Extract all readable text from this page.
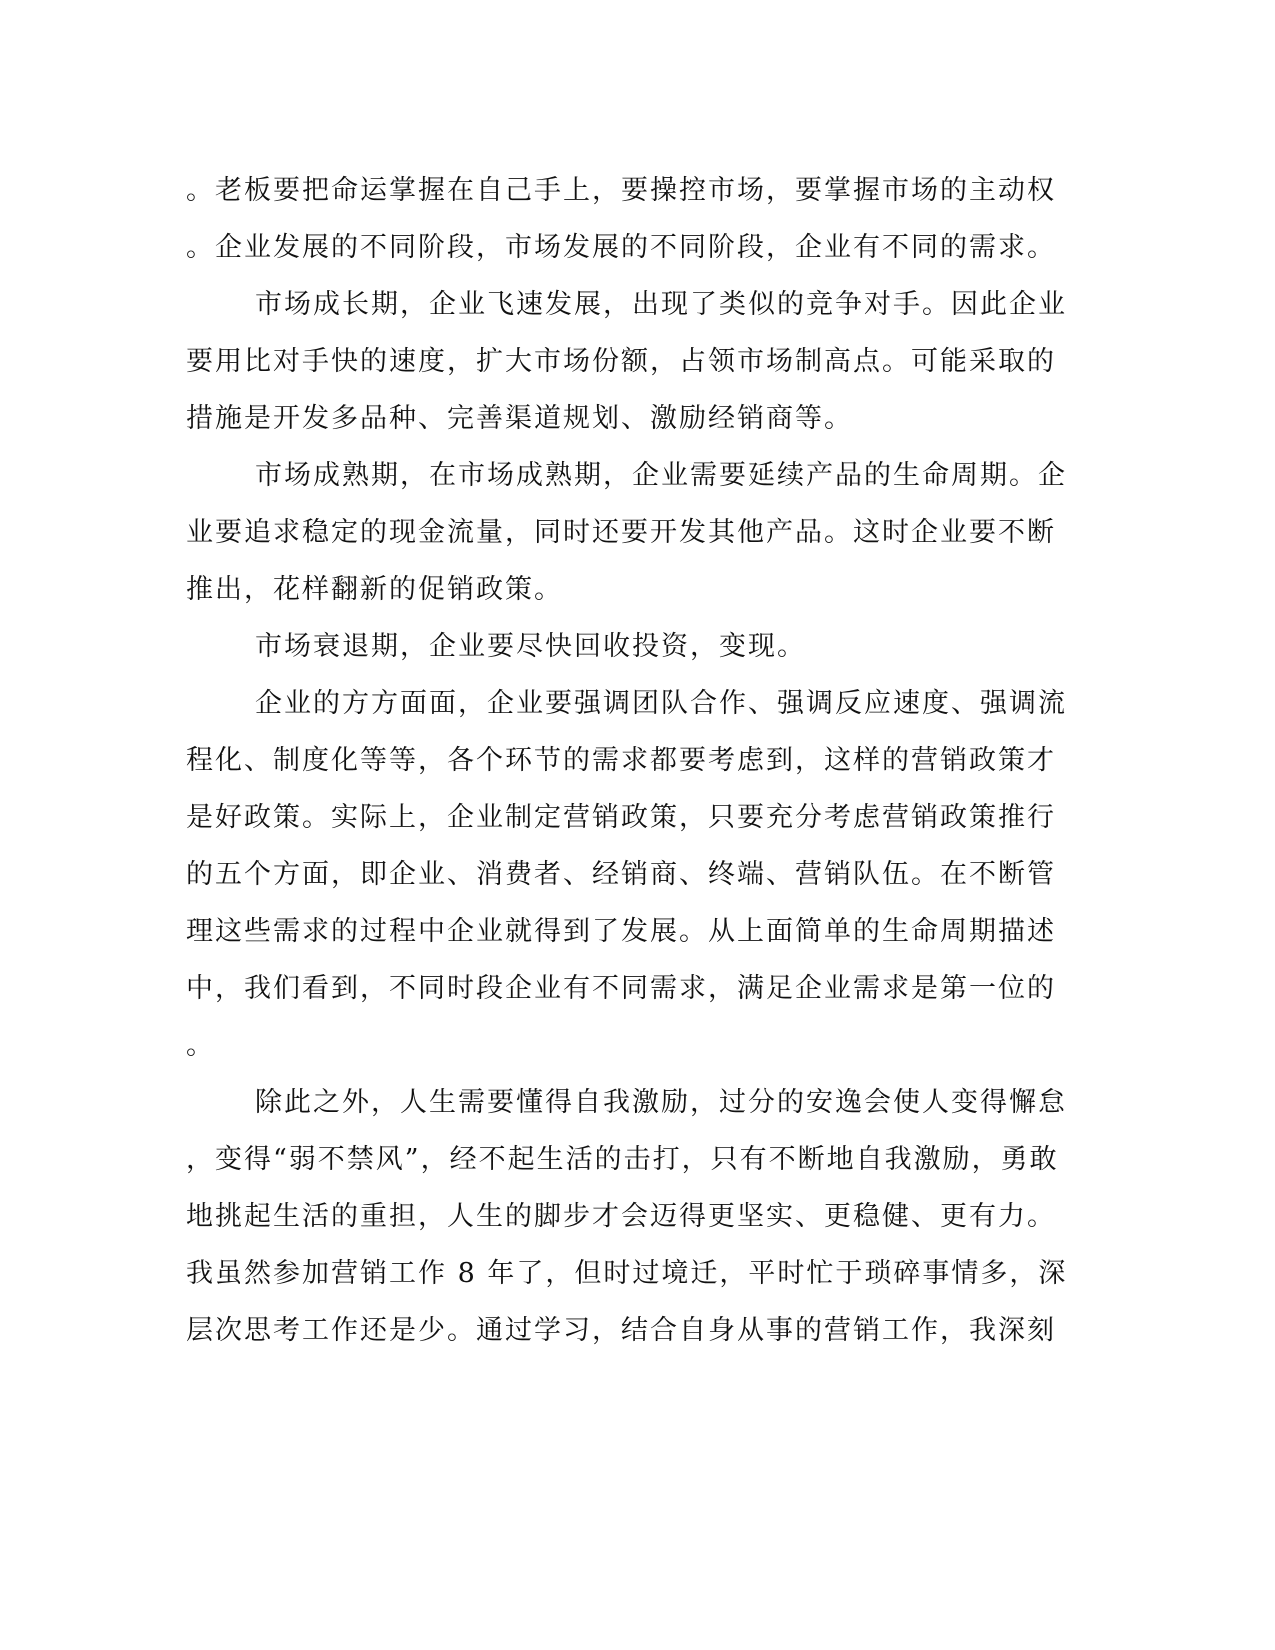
。老板要把命运掌握在自己手上，要操控市场，要掌握市场的主动权
。企业发展的不同阶段，市场发展的不同阶段，企业有不同的需求。
市场成长期，企业飞速发展，出现了类似的竞争对手。因此企业
要用比对手快的速度，扩大市场份额，占领市场制高点。可能采取的
措施是开发多品种、完善渠道规划、激励经销商等。
市场成熟期，在市场成熟期，企业需要延续产品的生命周期。企
业要追求稳定的现金流量，同时还要开发其他产品。这时企业要不断
推出，花样翻新的促销政策。
市场衰退期，企业要尽快回收投资，变现。
企业的方方面面，企业要强调团队合作、强调反应速度、强调流
程化、制度化等等，各个环节的需求都要考虑到，这样的营销政策才
是好政策。实际上，企业制定营销政策，只要充分考虑营销政策推行
的五个方面，即企业、消费者、经销商、终端、营销队伍。在不断管
理这些需求的过程中企业就得到了发展。从上面简单的生命周期描述
中，我们看到，不同时段企业有不同需求，满足企业需求是第一位的
。
除此之外，人生需要懂得自我激励，过分的安逸会使人变得懈怠
，变得“弱不禁风”，经不起生活的击打，只有不断地自我激励，勇敢
地挑起生活的重担，人生的脚步才会迈得更坚实、更稳健、更有力。
我虽然参加营销工作 8 年了，但时过境迁，平时忙于琐碎事情多，深
层次思考工作还是少。通过学习，结合自身从事的营销工作，我深刻
